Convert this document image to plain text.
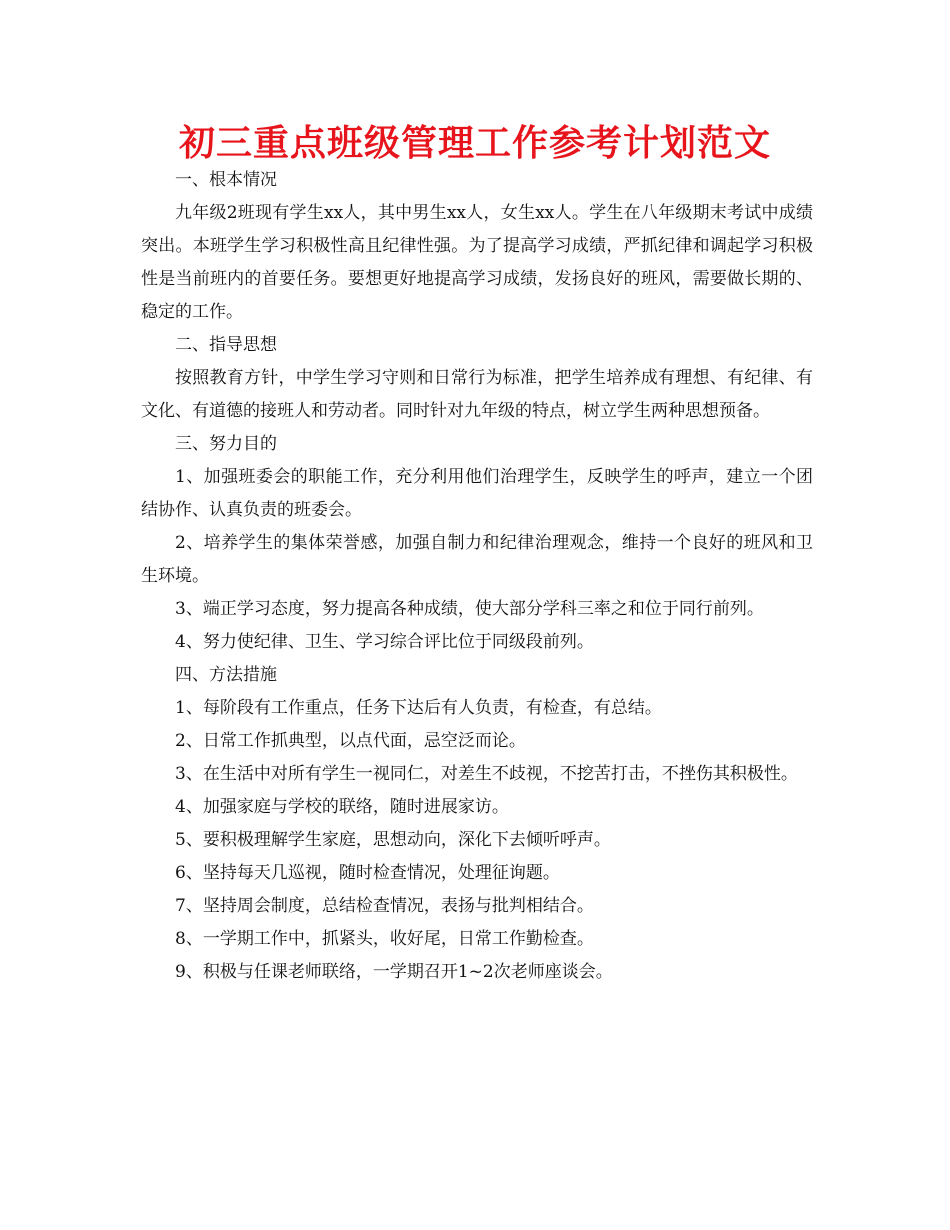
初三重点班级管理工作参考计划范文

一、根本情况

九年级2班现有学生xx人，其中男生xx人，女生xx人。学生在八年级期末考试中成绩突出。本班学生学习积极性高且纪律性强。为了提高学习成绩，严抓纪律和调起学习积极性是当前班内的首要任务。要想更好地提高学习成绩，发扬良好的班风，需要做长期的、稳定的工作。

二、指导思想

按照教育方针，中学生学习守则和日常行为标准，把学生培养成有理想、有纪律、有文化、有道德的接班人和劳动者。同时针对九年级的特点，树立学生两种思想预备。

三、努力目的

1、加强班委会的职能工作，充分利用他们治理学生，反映学生的呼声，建立一个团结协作、认真负责的班委会。

2、培养学生的集体荣誉感，加强自制力和纪律治理观念，维持一个良好的班风和卫生环境。

3、端正学习态度，努力提高各种成绩，使大部分学科三率之和位于同行前列。

4、努力使纪律、卫生、学习综合评比位于同级段前列。

四、方法措施

1、每阶段有工作重点，任务下达后有人负责，有检查，有总结。

2、日常工作抓典型，以点代面，忌空泛而论。

3、在生活中对所有学生一视同仁，对差生不歧视，不挖苦打击，不挫伤其积极性。

4、加强家庭与学校的联络，随时进展家访。

5、要积极理解学生家庭，思想动向，深化下去倾听呼声。

6、坚持每天几巡视，随时检查情况，处理征询题。

7、坚持周会制度，总结检查情况，表扬与批判相结合。

8、一学期工作中，抓紧头，收好尾，日常工作勤检查。

9、积极与任课老师联络，一学期召开1~2次老师座谈会。
